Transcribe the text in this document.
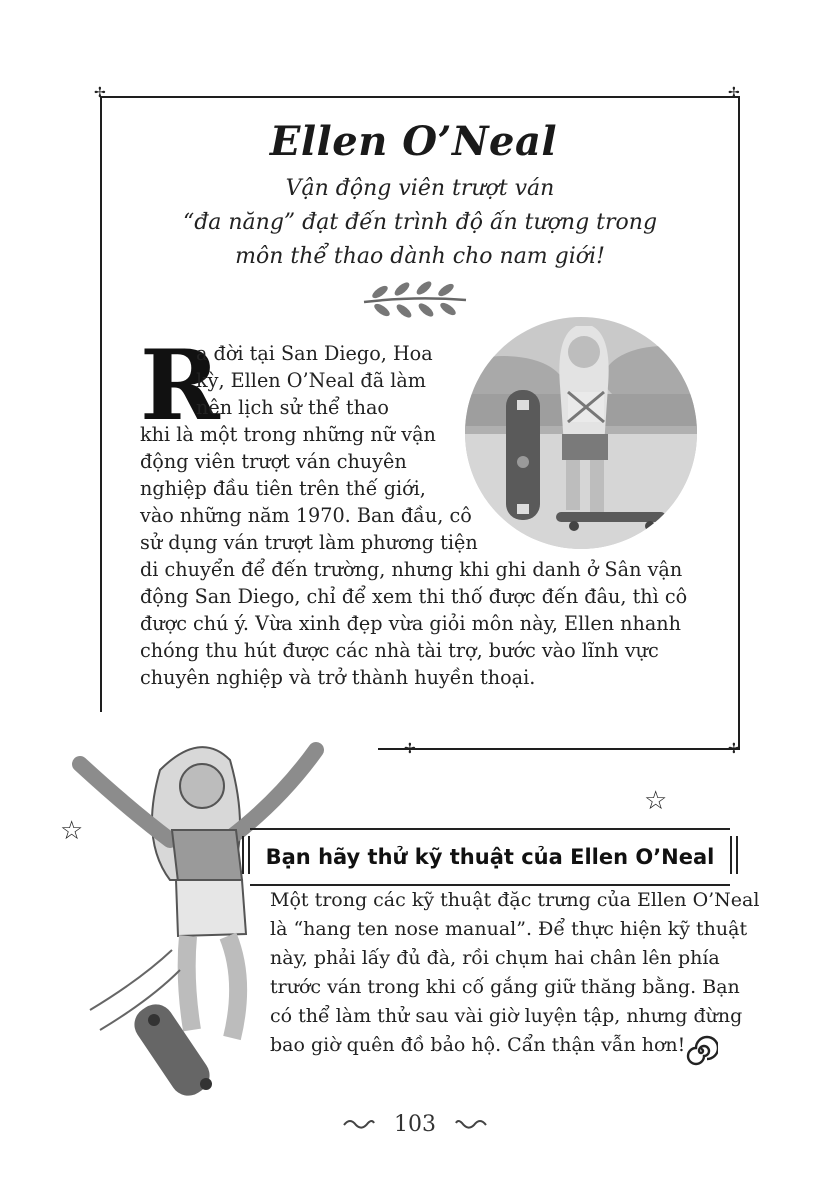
✢	✢
✢	✢
Ellen O’Neal
Vận động viên trượt ván
“đa năng” đạt đến trình độ ấn tượng trong
môn thể thao dành cho nam giới!
R
a đời tại San Diego, Hoa
kỳ, Ellen O’Neal đã làm
nên lịch sử thể thao
khi là một trong những nữ vận
động viên trượt ván chuyên
nghiệp đầu tiên trên thế giới,
vào những năm 1970. Ban đầu, cô
sử dụng ván trượt làm phương tiện
di chuyển để đến trường, nhưng khi ghi danh ở Sân vận
động San Diego, chỉ để xem thi thố được đến đâu, thì cô
được chú ý. Vừa xinh đẹp vừa giỏi môn này, Ellen nhanh
chóng thu hút được các nhà tài trợ, bước vào lĩnh vực
chuyên nghiệp và trở thành huyền thoại.
☆
☆
Bạn hãy thử kỹ thuật của Ellen O’Neal
Một trong các kỹ thuật đặc trưng của Ellen O’Neal
là “hang ten nose manual”. Để thực hiện kỹ thuật
này, phải lấy đủ đà, rồi chụm hai chân lên phía
trước ván trong khi cố gắng giữ thăng bằng. Bạn
có thể làm thử sau vài giờ luyện tập, nhưng đừng
bao giờ quên đồ bảo hộ. Cẩn thận vẫn hơn!
103
